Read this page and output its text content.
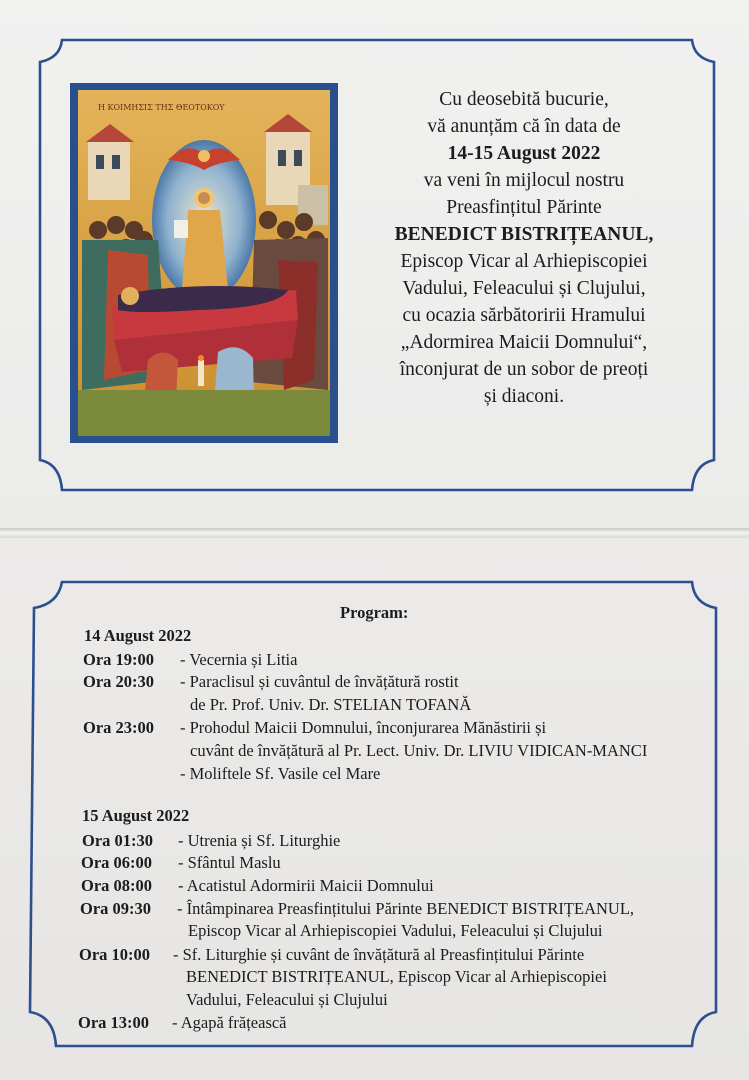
Η ΚΟΙΜΗΣΙΣ ΤΗΣ ΘΕΟΤΟΚΟΥ	Cu deosebită bucurie,
vă anunțăm că în data de
14-15 August 2022
va veni în mijlocul nostru
Preasfințitul Părinte
BENEDICT BISTRIȚEANUL,
Episcop Vicar al Arhiepiscopiei
Vadului, Feleacului și Clujului,
cu ocazia sărbătoririi Hramului
„Adormirea Maicii Domnului“,
înconjurat de un sobor de preoți
și diaconi.
Program:
14 August 2022
Ora 19:00 - Vecernia și Litia
Ora 20:30 - Paraclisul și cuvântul de învățătură rostit
de Pr. Prof. Univ. Dr. STELIAN TOFANĂ
Ora 23:00 - Prohodul Maicii Domnului, înconjurarea Mănăstirii și
cuvânt de învățătură al Pr. Lect. Univ. Dr. LIVIU VIDICAN-MANCI
- Moliftele Sf. Vasile cel Mare
15 August 2022
Ora 01:30 - Utrenia și Sf. Liturghie
Ora 06:00 - Sfântul Maslu
Ora 08:00 - Acatistul Adormirii Maicii Domnului
Ora 09:30 - Întâmpinarea Preasfințitului Părinte BENEDICT BISTRIȚEANUL,
Episcop Vicar al Arhiepiscopiei Vadului, Feleacului și Clujului
Ora 10:00 - Sf. Liturghie și cuvânt de învățătură al Preasfințitului Părinte
BENEDICT BISTRIȚEANUL, Episcop Vicar al Arhiepiscopiei
Vadului, Feleacului și Clujului
Ora 13:00 - Agapă frățească
